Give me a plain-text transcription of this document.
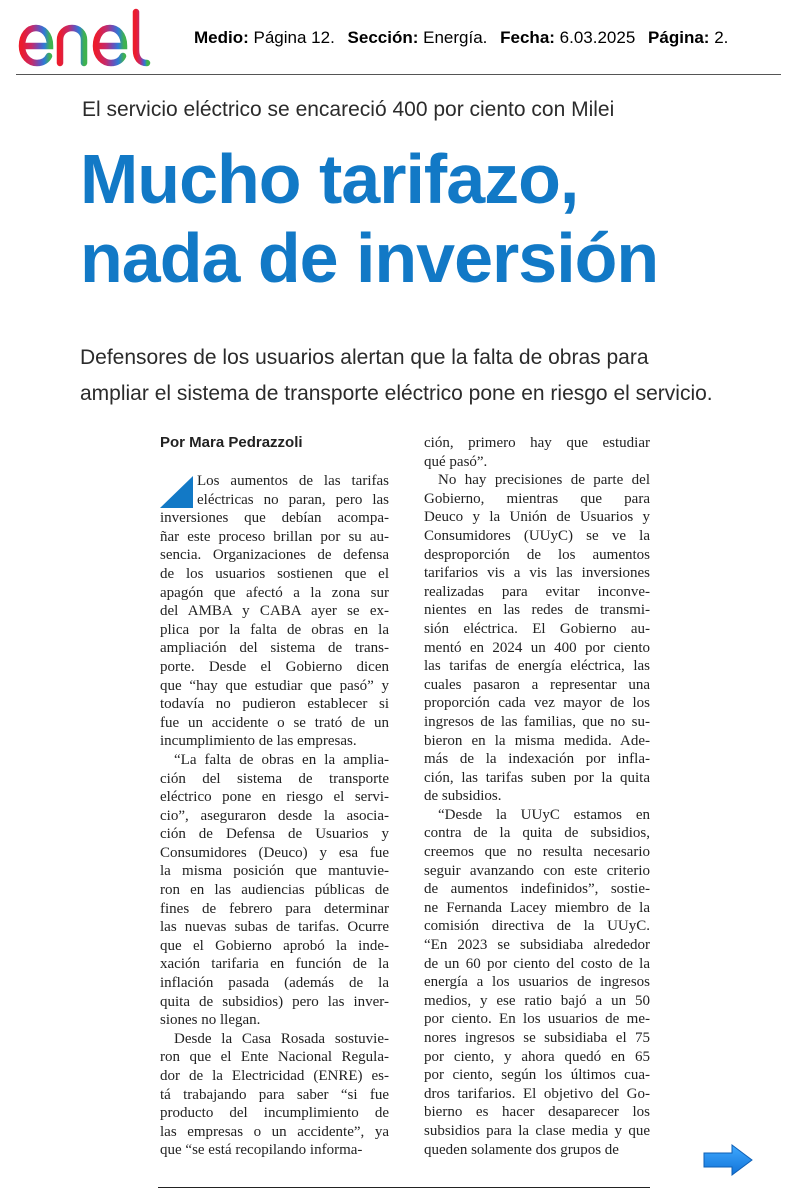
Medio: Página 12. Sección: Energía. Fecha: 6.03.2025 Página: 2.
El servicio eléctrico se encareció 400 por ciento con Milei
Mucho tarifazo,
nada de inversión

Defensores de los usuarios alertan que la falta de obras para
ampliar el sistema de transporte eléctrico pone en riesgo el servicio.

Por Mara Pedrazzoli
Los aumentos de las tarifas
eléctricas no paran, pero las
inversiones que debían acompa-
ñar este proceso brillan por su au-
sencia. Organizaciones de defensa
de los usuarios sostienen que el
apagón que afectó a la zona sur
del AMBA y CABA ayer se ex-
plica por la falta de obras en la
ampliación del sistema de trans-
porte. Desde el Gobierno dicen
que “hay que estudiar que pasó” y
todavía no pudieron establecer si
fue un accidente o se trató de un
incumplimiento de las empresas.
“La falta de obras en la amplia-
ción del sistema de transporte
eléctrico pone en riesgo el servi-
cio”, aseguraron desde la asocia-
ción de Defensa de Usuarios y
Consumidores (Deuco) y esa fue
la misma posición que mantuvie-
ron en las audiencias públicas de
fines de febrero para determinar
las nuevas subas de tarifas. Ocurre
que el Gobierno aprobó la inde-
xación tarifaria en función de la
inflación pasada (además de la
quita de subsidios) pero las inver-
siones no llegan.
Desde la Casa Rosada sostuvie-
ron que el Ente Nacional Regula-
dor de la Electricidad (ENRE) es-
tá trabajando para saber “si fue
producto del incumplimiento de
las empresas o un accidente”, ya
que “se está recopilando informa-
ción, primero hay que estudiar
qué pasó”.
No hay precisiones de parte del
Gobierno, mientras que para
Deuco y la Unión de Usuarios y
Consumidores (UUyC) se ve la
desproporción de los aumentos
tarifarios vis a vis las inversiones
realizadas para evitar inconve-
nientes en las redes de transmi-
sión eléctrica. El Gobierno au-
mentó en 2024 un 400 por ciento
las tarifas de energía eléctrica, las
cuales pasaron a representar una
proporción cada vez mayor de los
ingresos de las familias, que no su-
bieron en la misma medida. Ade-
más de la indexación por infla-
ción, las tarifas suben por la quita
de subsidios.
“Desde la UUyC estamos en
contra de la quita de subsidios,
creemos que no resulta necesario
seguir avanzando con este criterio
de aumentos indefinidos”, sostie-
ne Fernanda Lacey miembro de la
comisión directiva de la UUyC.
“En 2023 se subsidiaba alrededor
de un 60 por ciento del costo de la
energía a los usuarios de ingresos
medios, y ese ratio bajó a un 50
por ciento. En los usuarios de me-
nores ingresos se subsidiaba el 75
por ciento, y ahora quedó en 65
por ciento, según los últimos cua-
dros tarifarios. El objetivo del Go-
bierno es hacer desaparecer los
subsidios para la clase media y que
queden solamente dos grupos de
